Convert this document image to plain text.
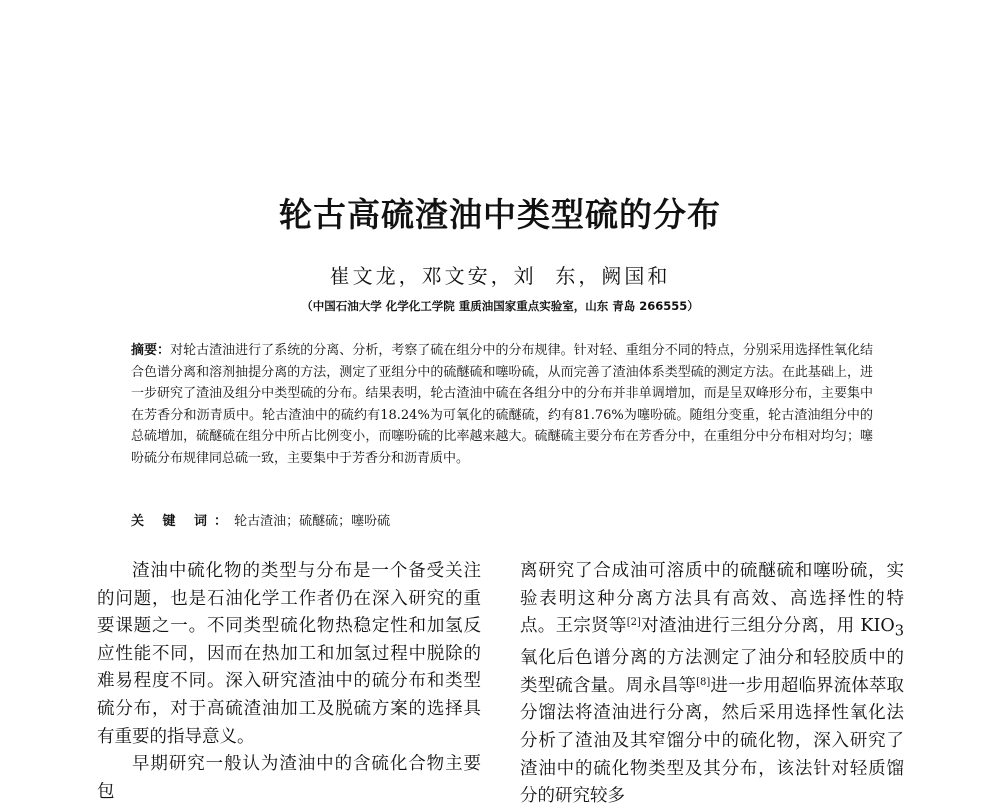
轮古高硫渣油中类型硫的分布
崔文龙，邓文安，刘  东，阙国和
（中国石油大学 化学化工学院 重质油国家重点实验室，山东 青岛 266555）
摘要：对轮古渣油进行了系统的分离、分析，考察了硫在组分中的分布规律。针对轻、重组分不同的特点，分别采用选择性氧化结合色谱分离和溶剂抽提分离的方法，测定了亚组分中的硫醚硫和噻吩硫，从而完善了渣油体系类型硫的测定方法。在此基础上，进一步研究了渣油及组分中类型硫的分布。结果表明，轮古渣油中硫在各组分中的分布并非单调增加，而是呈双峰形分布，主要集中在芳香分和沥青质中。轮古渣油中的硫约有18.24%为可氧化的硫醚硫，约有81.76%为噻吩硫。随组分变重，轮古渣油组分中的总硫增加，硫醚硫在组分中所占比例变小，而噻吩硫的比率越来越大。硫醚硫主要分布在芳香分中，在重组分中分布相对均匀；噻吩硫分布规律同总硫一致，主要集中于芳香分和沥青质中。
关 键 词：轮古渣油；硫醚硫；噻吩硫

渣油中硫化物的类型与分布是一个备受关注的问题，也是石油化学工作者仍在深入研究的重要课题之一。不同类型硫化物热稳定性和加氢反应性能不同，因而在热加工和加氢过程中脱除的难易程度不同。深入研究渣油中的硫分布和类型硫分布，对于高硫渣油加工及脱硫方案的选择具有重要的指导意义。

早期研究一般认为渣油中的含硫化合物主要包

离研究了合成油可溶质中的硫醚硫和噻吩硫，实验表明这种分离方法具有高效、高选择性的特点。王宗贤等[2]对渣油进行三组分分离，用 $KIO_3$ 氧化后色谱分离的方法测定了油分和轻胶质中的类型硫含量。周永昌等[8]进一步用超临界流体萃取分馏法将渣油进行分离，然后采用选择性氧化法分析了渣油及其窄馏分中的硫化物，深入研究了渣油中的硫化物类型及其分布，该法针对轻质馏分的研究较多
